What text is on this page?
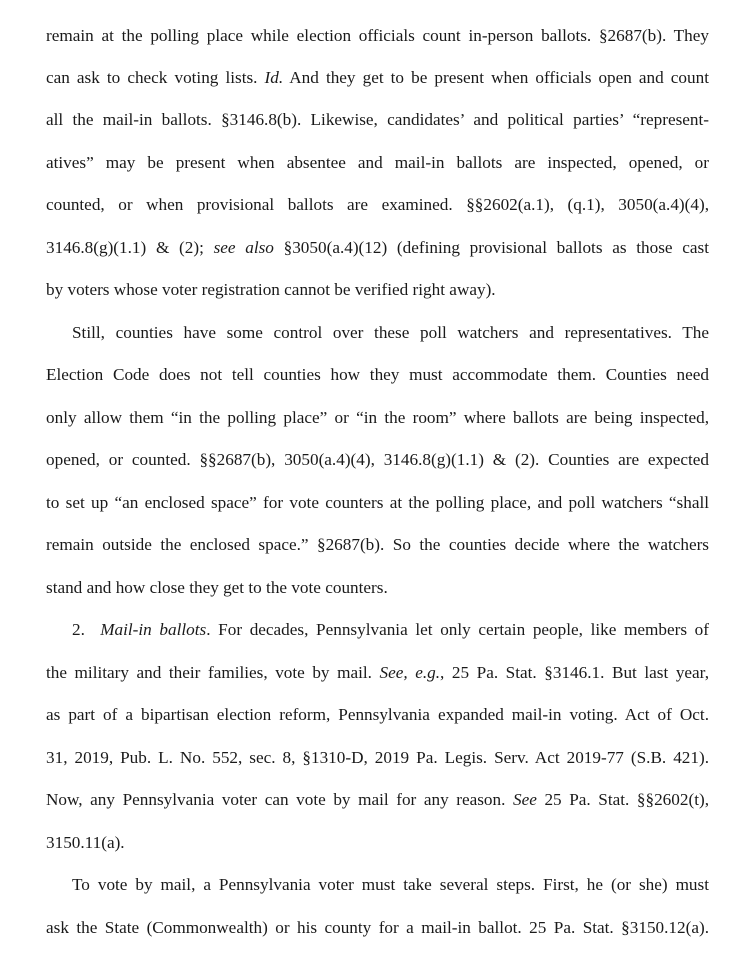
remain at the polling place while election officials count in-person ballots. §2687(b). They
can ask to check voting lists. Id. And they get to be present when officials open and count
all the mail-in ballots. §3146.8(b). Likewise, candidates’ and political parties’ “represent-
atives” may be present when absentee and mail-in ballots are inspected, opened, or
counted, or when provisional ballots are examined. §§2602(a.1), (q.1), 3050(a.4)(4),
3146.8(g)(1.1) & (2); see also §3050(a.4)(12) (defining provisional ballots as those cast
by voters whose voter registration cannot be verified right away).
Still, counties have some control over these poll watchers and representatives. The
Election Code does not tell counties how they must accommodate them. Counties need
only allow them “in the polling place” or “in the room” where ballots are being inspected,
opened, or counted. §§2687(b), 3050(a.4)(4), 3146.8(g)(1.1) & (2). Counties are expected
to set up “an enclosed space” for vote counters at the polling place, and poll watchers “shall
remain outside the enclosed space.” §2687(b). So the counties decide where the watchers
stand and how close they get to the vote counters.
2.  Mail-in ballots. For decades, Pennsylvania let only certain people, like members of
the military and their families, vote by mail. See, e.g., 25 Pa. Stat. §3146.1. But last year,
as part of a bipartisan election reform, Pennsylvania expanded mail-in voting. Act of Oct.
31, 2019, Pub. L. No. 552, sec. 8, §1310-D, 2019 Pa. Legis. Serv. Act 2019-77 (S.B. 421).
Now, any Pennsylvania voter can vote by mail for any reason. See 25 Pa. Stat. §§2602(t),
3150.11(a).
To vote by mail, a Pennsylvania voter must take several steps. First, he (or she) must
ask the State (Commonwealth) or his county for a mail-in ballot. 25 Pa. Stat. §3150.12(a).
